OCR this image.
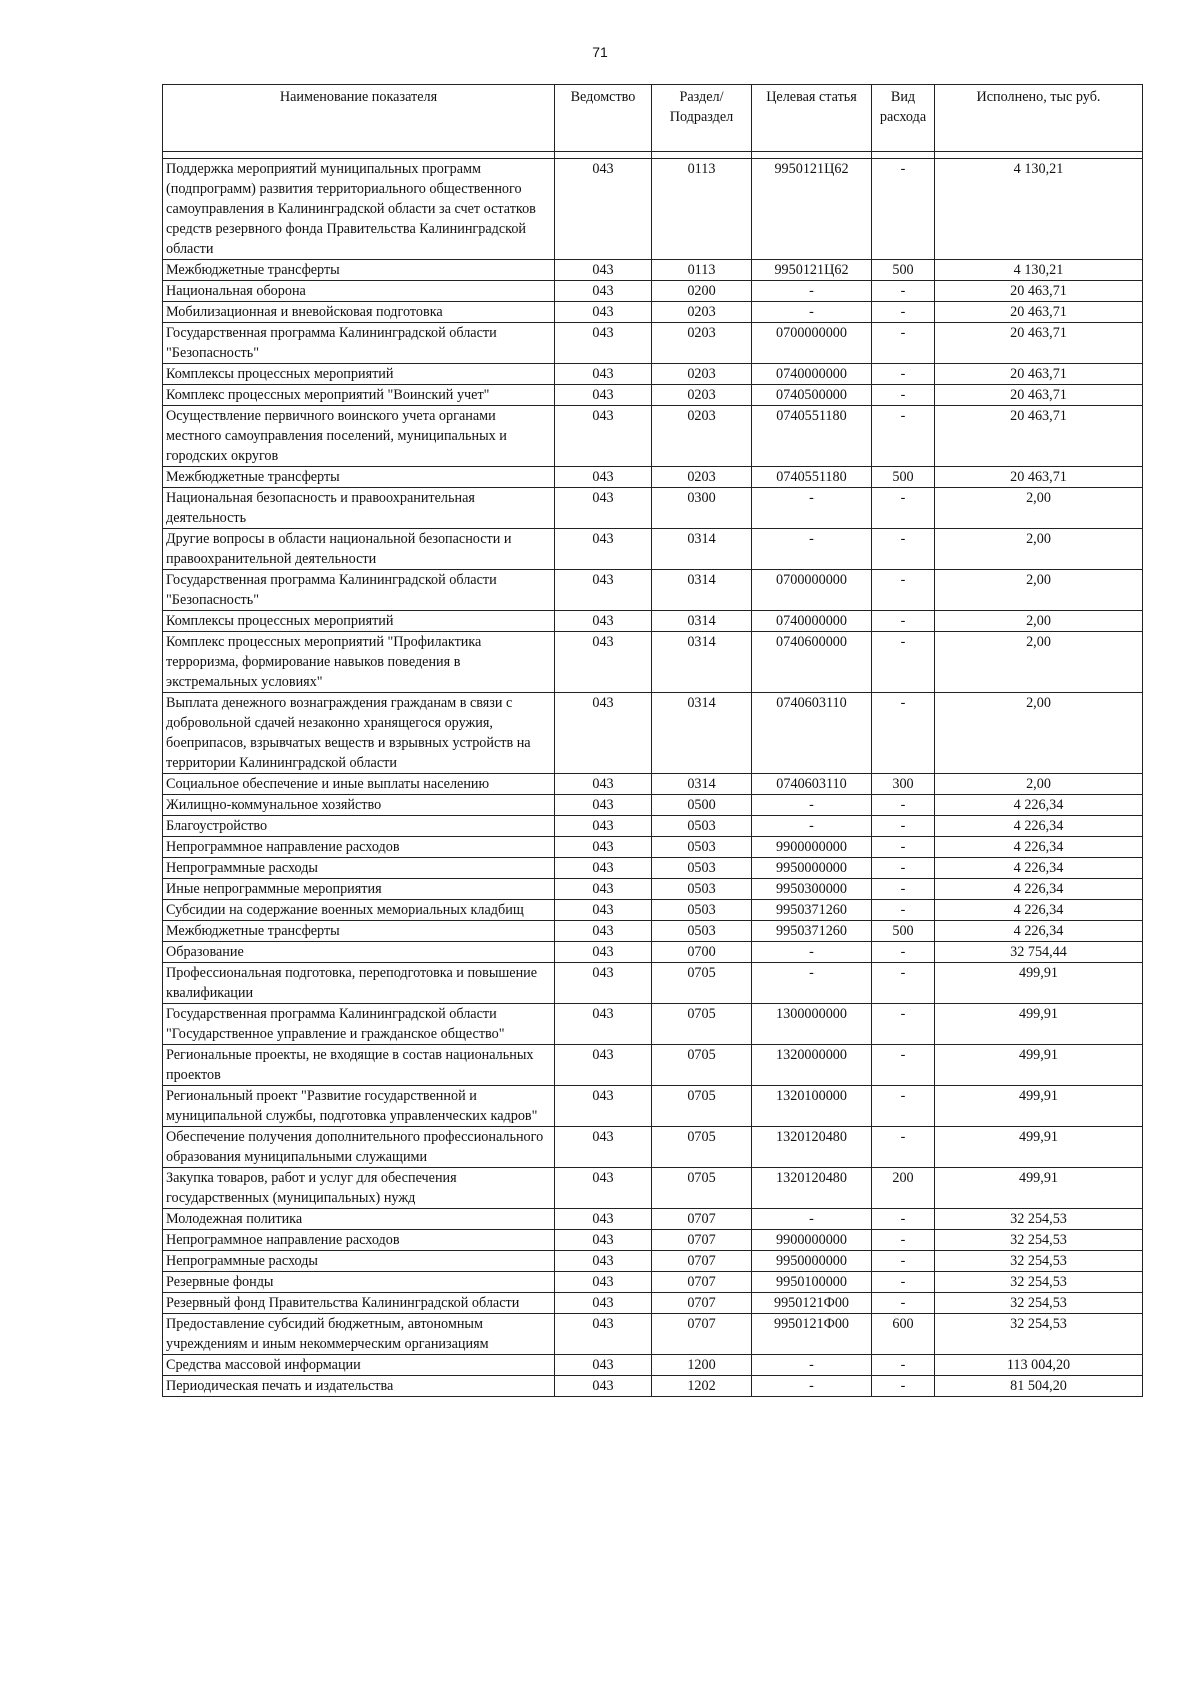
71
Наименование показателя	Ведомство	Раздел/ Подраздел	Целевая статья	Вид расхода	Исполнено, тыс руб.

Поддержка мероприятий муниципальных программ (подпрограмм) развития территориального общественного самоуправления в Калининградской области за счет остатков средств резервного фонда Правительства Калининградской области	043	0113	9950121Ц62	-	4 130,21
Межбюджетные трансферты	043	0113	9950121Ц62	500	4 130,21
Национальная оборона	043	0200	-	-	20 463,71
Мобилизационная и вневойсковая подготовка	043	0203	-	-	20 463,71
Государственная программа Калининградской области "Безопасность"	043	0203	0700000000	-	20 463,71
Комплексы процессных мероприятий	043	0203	0740000000	-	20 463,71
Комплекс процессных мероприятий "Воинский учет"	043	0203	0740500000	-	20 463,71
Осуществление первичного воинского учета органами местного самоуправления поселений, муниципальных и городских округов	043	0203	0740551180	-	20 463,71
Межбюджетные трансферты	043	0203	0740551180	500	20 463,71
Национальная безопасность и правоохранительная деятельность	043	0300	-	-	2,00
Другие вопросы в области национальной безопасности и правоохранительной деятельности	043	0314	-	-	2,00
Государственная программа Калининградской области "Безопасность"	043	0314	0700000000	-	2,00
Комплексы процессных мероприятий	043	0314	0740000000	-	2,00
Комплекс процессных мероприятий "Профилактика терроризма, формирование навыков поведения в экстремальных условиях"	043	0314	0740600000	-	2,00
Выплата денежного вознаграждения гражданам в связи с добровольной сдачей незаконно хранящегося оружия, боеприпасов, взрывчатых веществ и взрывных устройств на территории Калининградской области	043	0314	0740603110	-	2,00
Социальное обеспечение и иные выплаты населению	043	0314	0740603110	300	2,00
Жилищно-коммунальное хозяйство	043	0500	-	-	4 226,34
Благоустройство	043	0503	-	-	4 226,34
Непрограммное направление расходов	043	0503	9900000000	-	4 226,34
Непрограммные расходы	043	0503	9950000000	-	4 226,34
Иные непрограммные мероприятия	043	0503	9950300000	-	4 226,34
Субсидии на содержание военных мемориальных кладбищ	043	0503	9950371260	-	4 226,34
Межбюджетные трансферты	043	0503	9950371260	500	4 226,34
Образование	043	0700	-	-	32 754,44
Профессиональная подготовка, переподготовка и повышение квалификации	043	0705	-	-	499,91
Государственная программа Калининградской области "Государственное управление и гражданское общество"	043	0705	1300000000	-	499,91
Региональные проекты, не входящие в состав национальных проектов	043	0705	1320000000	-	499,91
Региональный проект "Развитие государственной и муниципальной службы, подготовка управленческих кадров"	043	0705	1320100000	-	499,91
Обеспечение получения дополнительного профессионального образования муниципальными служащими	043	0705	1320120480	-	499,91
Закупка товаров, работ и услуг для обеспечения государственных (муниципальных) нужд	043	0705	1320120480	200	499,91
Молодежная политика	043	0707	-	-	32 254,53
Непрограммное направление расходов	043	0707	9900000000	-	32 254,53
Непрограммные расходы	043	0707	9950000000	-	32 254,53
Резервные фонды	043	0707	9950100000	-	32 254,53
Резервный фонд Правительства Калининградской области	043	0707	9950121Ф00	-	32 254,53
Предоставление субсидий бюджетным, автономным учреждениям и иным некоммерческим организациям	043	0707	9950121Ф00	600	32 254,53
Средства массовой информации	043	1200	-	-	113 004,20
Периодическая печать и издательства	043	1202	-	-	81 504,20
